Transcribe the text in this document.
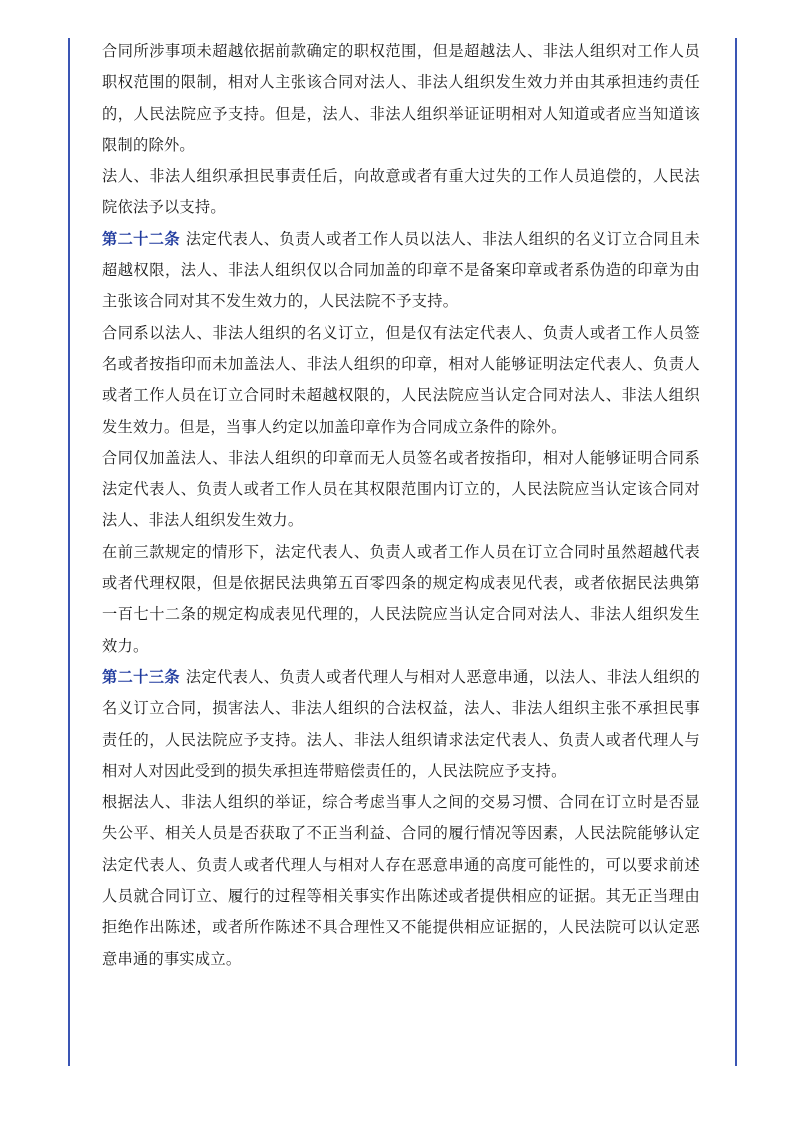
合同所涉事项未超越依据前款确定的职权范围，但是超越法人、非法人组织对工作人员职权范围的限制，相对人主张该合同对法人、非法人组织发生效力并由其承担违约责任的，人民法院应予支持。但是，法人、非法人组织举证证明相对人知道或者应当知道该限制的除外。

法人、非法人组织承担民事责任后，向故意或者有重大过失的工作人员追偿的，人民法院依法予以支持。

第二十二条 法定代表人、负责人或者工作人员以法人、非法人组织的名义订立合同且未超越权限，法人、非法人组织仅以合同加盖的印章不是备案印章或者系伪造的印章为由主张该合同对其不发生效力的，人民法院不予支持。

合同系以法人、非法人组织的名义订立，但是仅有法定代表人、负责人或者工作人员签名或者按指印而未加盖法人、非法人组织的印章，相对人能够证明法定代表人、负责人或者工作人员在订立合同时未超越权限的，人民法院应当认定合同对法人、非法人组织发生效力。但是，当事人约定以加盖印章作为合同成立条件的除外。

合同仅加盖法人、非法人组织的印章而无人员签名或者按指印，相对人能够证明合同系法定代表人、负责人或者工作人员在其权限范围内订立的，人民法院应当认定该合同对法人、非法人组织发生效力。

在前三款规定的情形下，法定代表人、负责人或者工作人员在订立合同时虽然超越代表或者代理权限，但是依据民法典第五百零四条的规定构成表见代表，或者依据民法典第一百七十二条的规定构成表见代理的，人民法院应当认定合同对法人、非法人组织发生效力。

第二十三条 法定代表人、负责人或者代理人与相对人恶意串通，以法人、非法人组织的名义订立合同，损害法人、非法人组织的合法权益，法人、非法人组织主张不承担民事责任的，人民法院应予支持。法人、非法人组织请求法定代表人、负责人或者代理人与相对人对因此受到的损失承担连带赔偿责任的，人民法院应予支持。

根据法人、非法人组织的举证，综合考虑当事人之间的交易习惯、合同在订立时是否显失公平、相关人员是否获取了不正当利益、合同的履行情况等因素，人民法院能够认定法定代表人、负责人或者代理人与相对人存在恶意串通的高度可能性的，可以要求前述人员就合同订立、履行的过程等相关事实作出陈述或者提供相应的证据。其无正当理由拒绝作出陈述，或者所作陈述不具合理性又不能提供相应证据的，人民法院可以认定恶意串通的事实成立。
